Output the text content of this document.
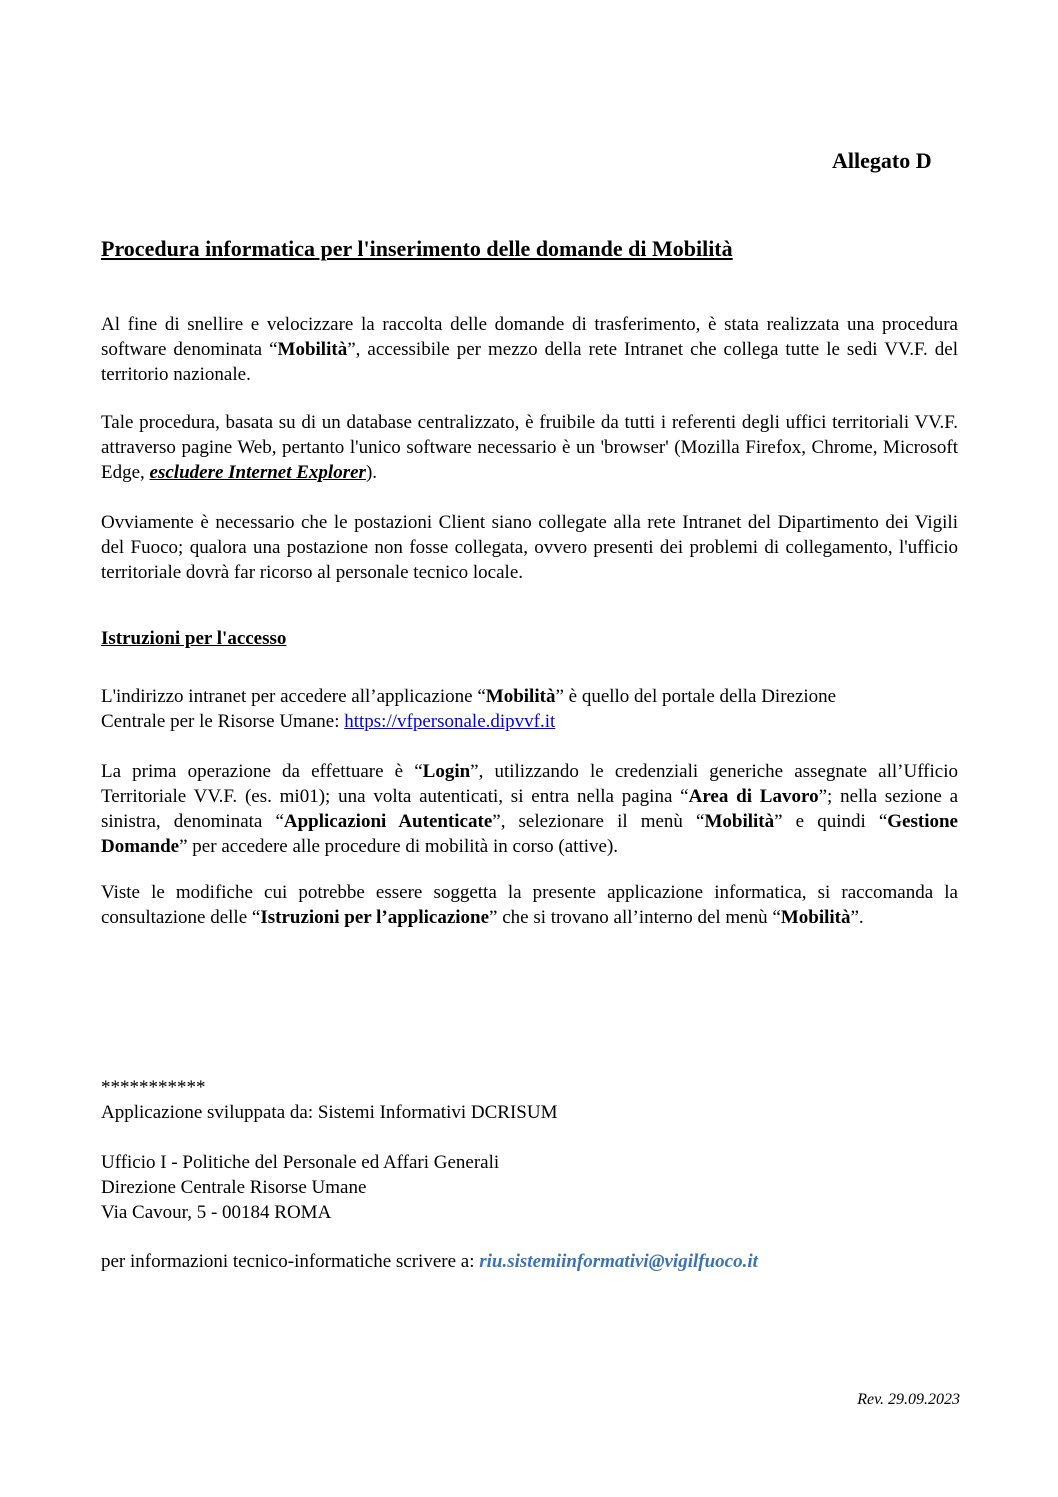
Allegato D
Procedura informatica per l'inserimento delle domande di Mobilità

Al fine di snellire e velocizzare la raccolta delle domande di trasferimento, è stata realizzata una procedura software denominata “Mobilità”, accessibile per mezzo della rete Intranet che collega tutte le sedi VV.F. del territorio nazionale.

Tale procedura, basata su di un database centralizzato, è fruibile da tutti i referenti degli uffici territoriali VV.F. attraverso pagine Web, pertanto l'unico software necessario è un 'browser' (Mozilla Firefox, Chrome, Microsoft Edge, escludere Internet Explorer).

Ovviamente è necessario che le postazioni Client siano collegate alla rete Intranet del Dipartimento dei Vigili del Fuoco; qualora una postazione non fosse collegata, ovvero presenti dei problemi di collegamento, l'ufficio territoriale dovrà far ricorso al personale tecnico locale.

Istruzioni per l'accesso
L'indirizzo intranet per accedere all’applicazione “Mobilità” è quello del portale della Direzione
Centrale per le Risorse Umane: https://vfpersonale.dipvvf.it

La prima operazione da effettuare è “Login”, utilizzando le credenziali generiche assegnate all’Ufficio Territoriale VV.F. (es. mi01); una volta autenticati, si entra nella pagina “Area di Lavoro”; nella sezione a sinistra, denominata “Applicazioni Autenticate”, selezionare il menù “Mobilità” e quindi “Gestione Domande” per accedere alle procedure di mobilità in corso (attive).

Viste le modifiche cui potrebbe essere soggetta la presente applicazione informatica, si raccomanda la consultazione delle “Istruzioni per l’applicazione” che si trovano all’interno del menù “Mobilità”.

***********
Applicazione sviluppata da: Sistemi Informativi DCRISUM
Ufficio I - Politiche del Personale ed Affari Generali
Direzione Centrale Risorse Umane
Via Cavour, 5 - 00184 ROMA
per informazioni tecnico-informatiche scrivere a: riu.sistemiinformativi@vigilfuoco.it
Rev. 29.09.2023
